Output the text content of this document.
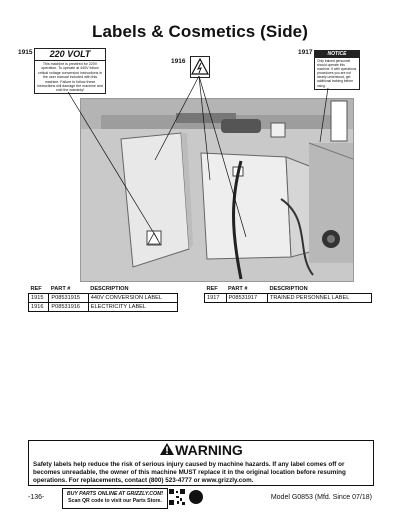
Labels & Cosmetics (Side)
1915
1916
1917
220 VOLT
This machine is prewired for 220V operation. To operate at 440V follow critical voltage conversion instructions in the user manual included with this machine. Failure to follow these instructions will damage the machine and void the warranty!
NOTICE
Only trained personnel should operate this machine. If with operations procedures you are not clearly understood, get additional training before using.
REF	PART #	DESCRIPTION
1915	P08531915	440V CONVERSION LABEL
1916	P08531916	ELECTRICITY LABEL
REF	PART #	DESCRIPTION
1917	P08531917	TRAINED PERSONNEL LABEL
WARNING
Safety labels help reduce the risk of serious injury caused by machine hazards. If any label comes off or becomes unreadable, the owner of this machine MUST replace it in the original location before resuming operations. For replacements, contact (800) 523-4777 or www.grizzly.com.
-136-	BUY PARTS ONLINE AT GRIZZLY.COM!
Scan QR code to visit our Parts Store.	Model G0853 (Mfd. Since 07/18)
